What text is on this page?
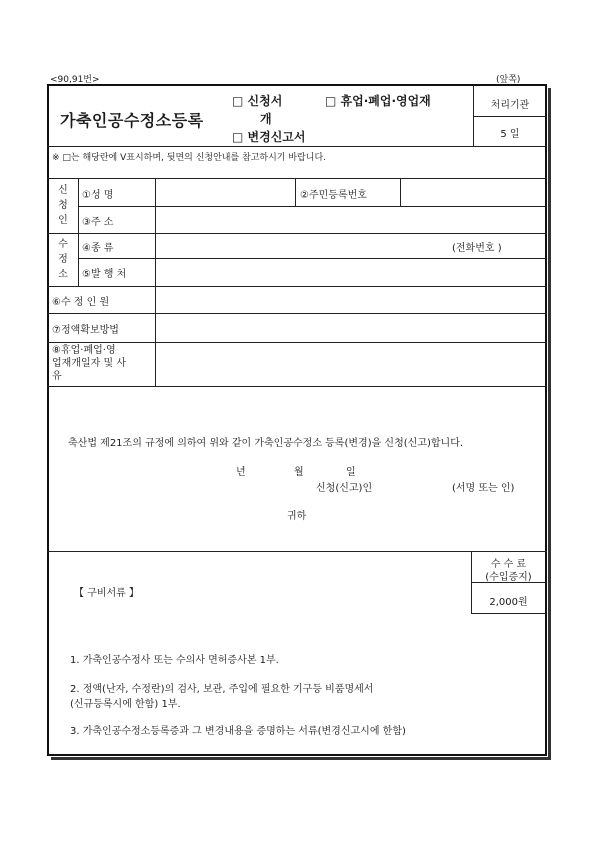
<90,91번>	(앞쪽)
가축인공수정소등록
□ 신청서	□ 휴업·폐업·영업재
개
□ 변경신고서
처리기관
5 일
※ □는 해당란에 V표시하며, 뒷면의 신청안내를 참고하시기 바랍니다.
신
청
인
수
정
소
①성 명	②주민등록번호
③주 소
④종 류	(전화번호 )
⑤발 행 처
⑥수 정 인 원
⑦정액확보방법
⑧휴업·폐업·영
업재개일자 및 사
유
축산법 제21조의 규정에 의하여 위와 같이 가축인공수정소 등록(변경)을 신청(신고)합니다.
년	월	일
신청(신고)인	(서명 또는 인)
귀하
수 수 료
(수입증지)
2,000원
【 구비서류 】
1. 가축인공수정사 또는 수의사 면허증사본 1부.
2. 정액(난자, 수정란)의 검사, 보관, 주입에 필요한 기구등 비품명세서
(신규등록시에 한함) 1부.
3. 가축인공수정소등록증과 그 변경내용을 증명하는 서류(변경신고시에 한함)
